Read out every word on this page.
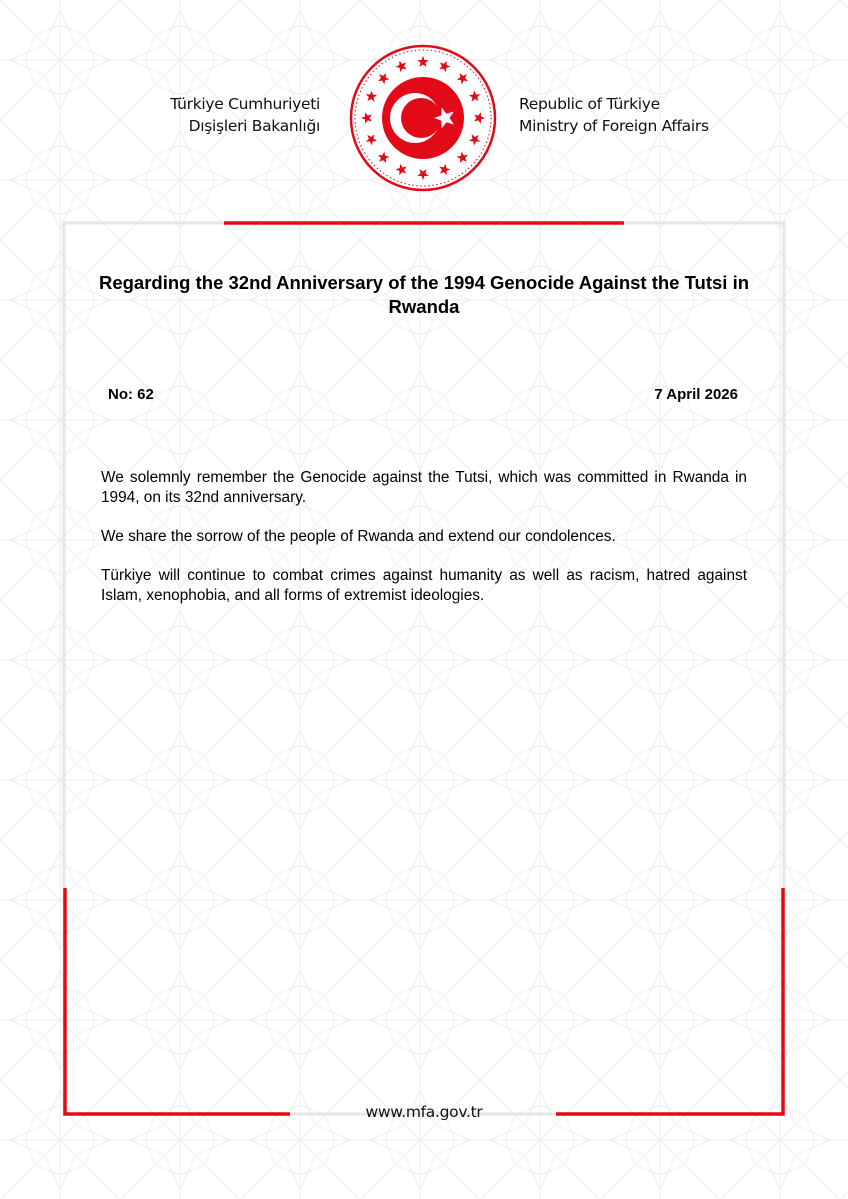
Türkiye Cumhuriyeti
Dışişleri Bakanlığı
Republic of Türkiye
Ministry of Foreign Affairs
Regarding the 32nd Anniversary of the 1994 Genocide Against the Tutsi in Rwanda
No: 62	7 April 2026

We solemnly remember the Genocide against the Tutsi, which was committed in Rwanda in 1994, on its 32nd anniversary.

We share the sorrow of the people of Rwanda and extend our condolences.

Türkiye will continue to combat crimes against humanity as well as racism, hatred against Islam, xenophobia, and all forms of extremist ideologies.

www.mfa.gov.tr
